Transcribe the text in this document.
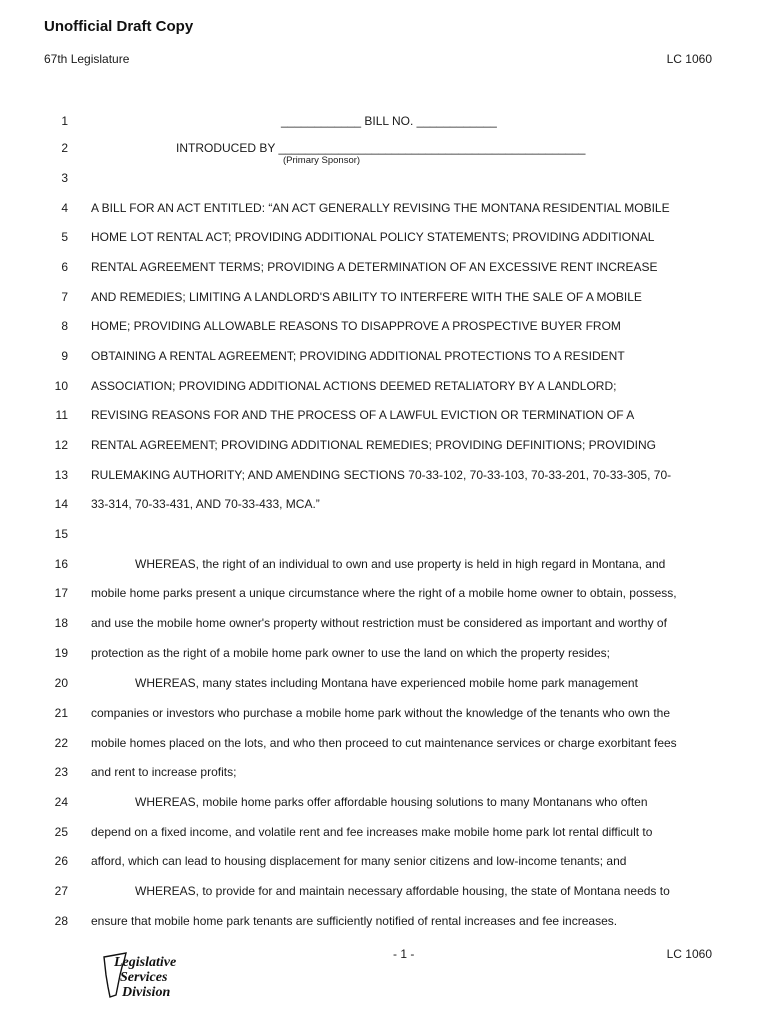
Unofficial Draft Copy
67th Legislature	LC 1060
1	____________ BILL NO. ____________
2	INTRODUCED BY ______________________________________________
(Primary Sponsor)
3
4 A BILL FOR AN ACT ENTITLED: “AN ACT GENERALLY REVISING THE MONTANA RESIDENTIAL MOBILE
5 HOME LOT RENTAL ACT; PROVIDING ADDITIONAL POLICY STATEMENTS; PROVIDING ADDITIONAL
6 RENTAL AGREEMENT TERMS; PROVIDING A DETERMINATION OF AN EXCESSIVE RENT INCREASE
7 AND REMEDIES; LIMITING A LANDLORD'S ABILITY TO INTERFERE WITH THE SALE OF A MOBILE
8 HOME; PROVIDING ALLOWABLE REASONS TO DISAPPROVE A PROSPECTIVE BUYER FROM
9 OBTAINING A RENTAL AGREEMENT; PROVIDING ADDITIONAL PROTECTIONS TO A RESIDENT
10 ASSOCIATION; PROVIDING ADDITIONAL ACTIONS DEEMED RETALIATORY BY A LANDLORD;
11 REVISING REASONS FOR AND THE PROCESS OF A LAWFUL EVICTION OR TERMINATION OF A
12 RENTAL AGREEMENT; PROVIDING ADDITIONAL REMEDIES; PROVIDING DEFINITIONS; PROVIDING
13 RULEMAKING AUTHORITY; AND AMENDING SECTIONS 70-33-102, 70-33-103, 70-33-201, 70-33-305, 70-
14 33-314, 70-33-431, AND 70-33-433, MCA.”
15
16	WHEREAS, the right of an individual to own and use property is held in high regard in Montana, and
17 mobile home parks present a unique circumstance where the right of a mobile home owner to obtain, possess,
18 and use the mobile home owner's property without restriction must be considered as important and worthy of
19 protection as the right of a mobile home park owner to use the land on which the property resides;
20	WHEREAS, many states including Montana have experienced mobile home park management
21 companies or investors who purchase a mobile home park without the knowledge of the tenants who own the
22 mobile homes placed on the lots, and who then proceed to cut maintenance services or charge exorbitant fees
23 and rent to increase profits;
24	WHEREAS, mobile home parks offer affordable housing solutions to many Montanans who often
25 depend on a fixed income, and volatile rent and fee increases make mobile home park lot rental difficult to
26 afford, which can lead to housing displacement for many senior citizens and low-income tenants; and
27	WHEREAS, to provide for and maintain necessary affordable housing, the state of Montana needs to
28 ensure that mobile home park tenants are sufficiently notified of rental increases and fee increases.
Legislative
Services
Division
- 1 -	LC 1060
